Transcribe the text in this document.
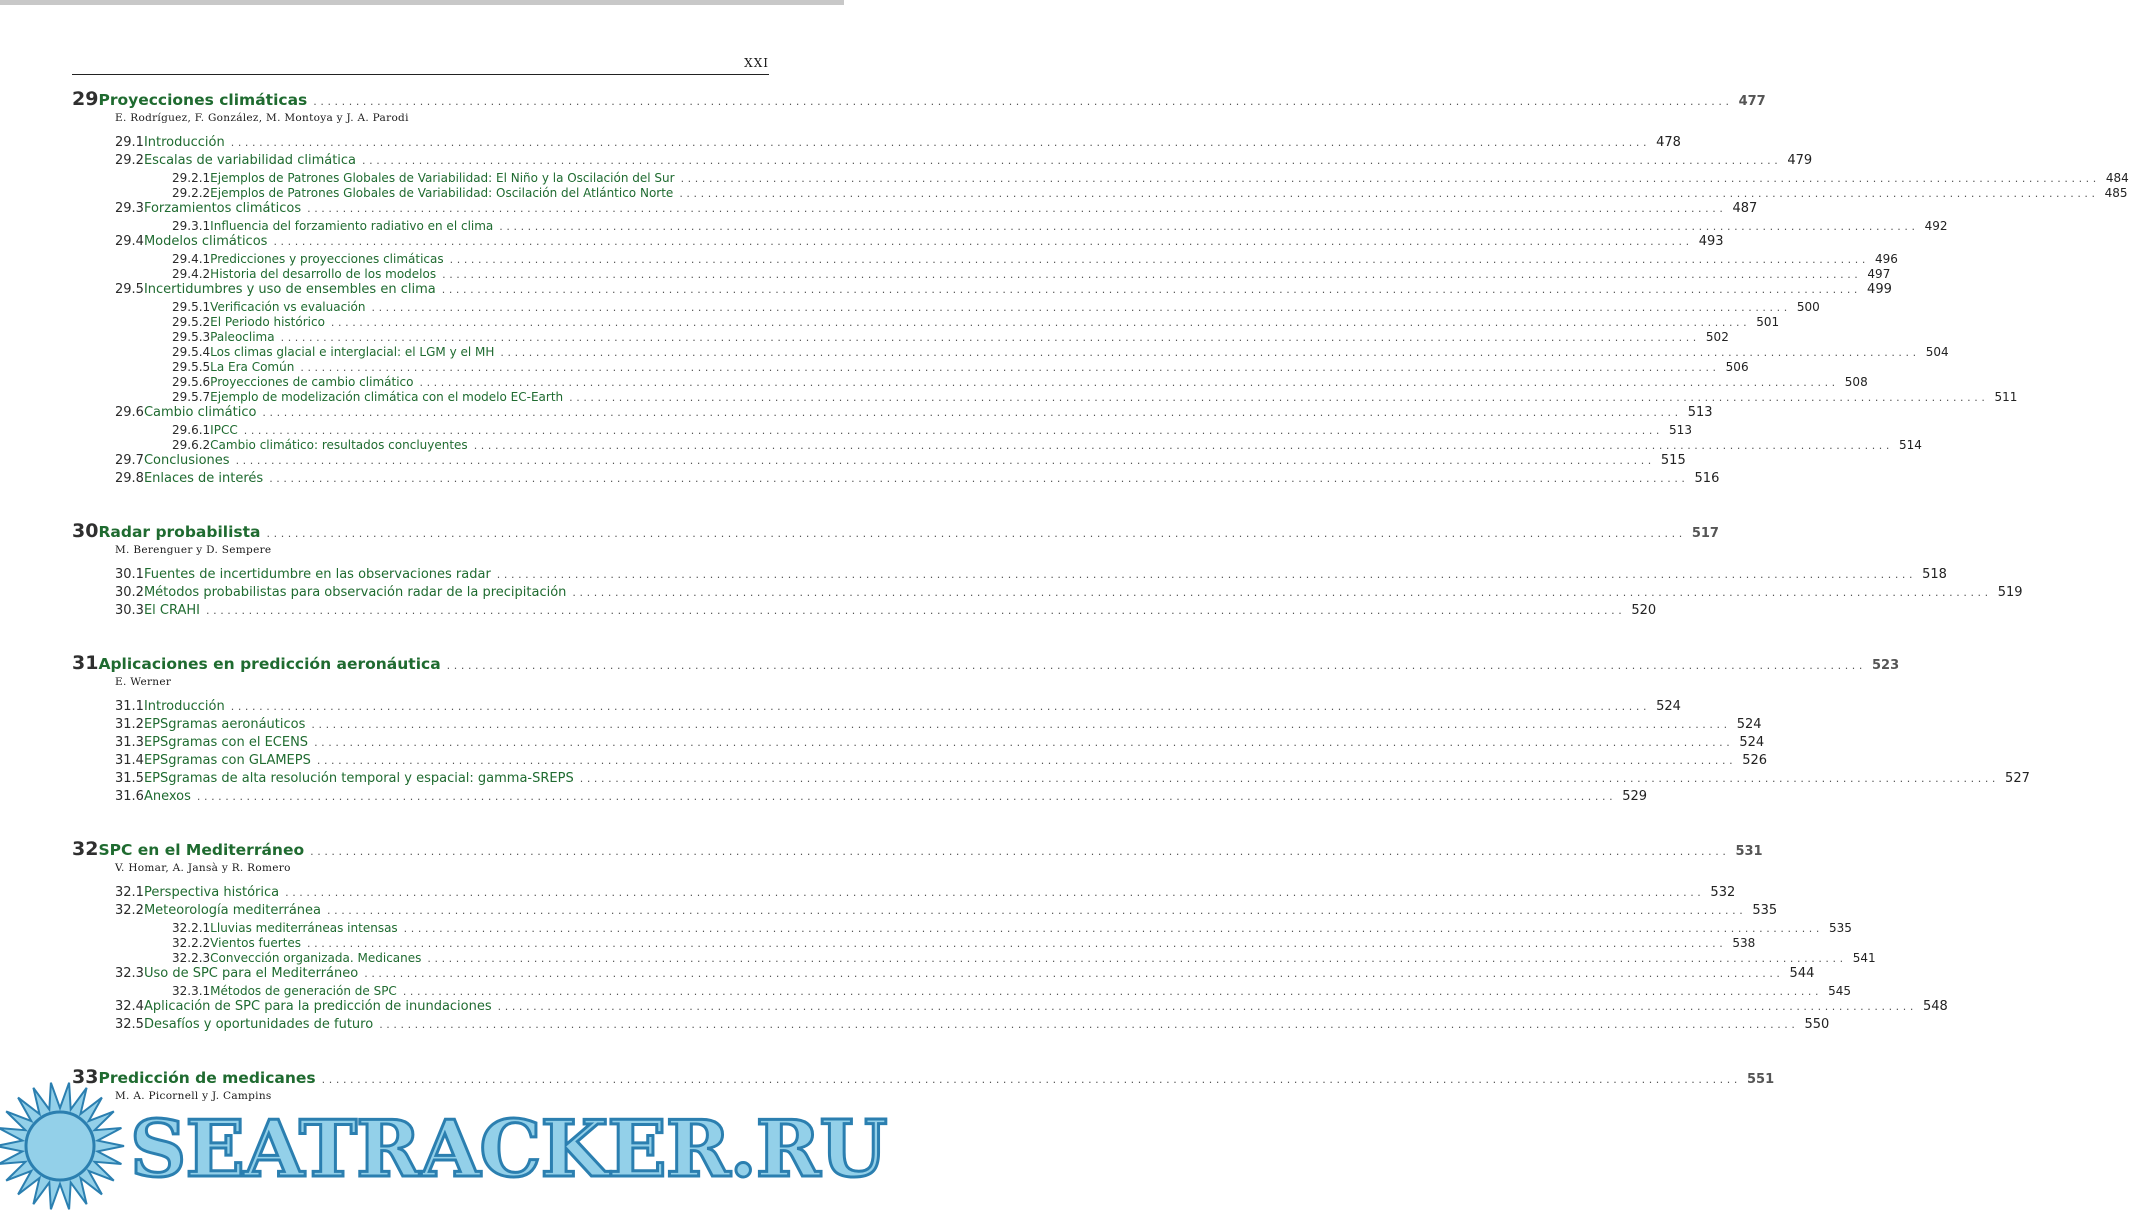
XXI
29 Proyecciones climáticas ........................................................................................................................................................................................................ 477
E. Rodríguez, F. González, M. Montoya y J. A. Parodi
29.1 Introducción ........................................................................................................................................................................................................ 478
29.2 Escalas de variabilidad climática ........................................................................................................................................................................................................ 479
29.2.1 Ejemplos de Patrones Globales de Variabilidad: El Niño y la Oscilación del Sur ........................................................................................................................................................................................................ 484
29.2.2 Ejemplos de Patrones Globales de Variabilidad: Oscilación del Atlántico Norte ........................................................................................................................................................................................................ 485
29.3 Forzamientos climáticos ........................................................................................................................................................................................................ 487
29.3.1 Influencia del forzamiento radiativo en el clima ........................................................................................................................................................................................................ 492
29.4 Modelos climáticos ........................................................................................................................................................................................................ 493
29.4.1 Predicciones y proyecciones climáticas ........................................................................................................................................................................................................ 496
29.4.2 Historia del desarrollo de los modelos ........................................................................................................................................................................................................ 497
29.5 Incertidumbres y uso de ensembles en clima ........................................................................................................................................................................................................ 499
29.5.1 Verificación vs evaluación ........................................................................................................................................................................................................ 500
29.5.2 El Periodo histórico ........................................................................................................................................................................................................ 501
29.5.3 Paleoclima ........................................................................................................................................................................................................ 502
29.5.4 Los climas glacial e interglacial: el LGM y el MH ........................................................................................................................................................................................................ 504
29.5.5 La Era Común ........................................................................................................................................................................................................ 506
29.5.6 Proyecciones de cambio climático ........................................................................................................................................................................................................ 508
29.5.7 Ejemplo de modelización climática con el modelo EC-Earth ........................................................................................................................................................................................................ 511
29.6 Cambio climático ........................................................................................................................................................................................................ 513
29.6.1 IPCC ........................................................................................................................................................................................................ 513
29.6.2 Cambio climático: resultados concluyentes ........................................................................................................................................................................................................ 514
29.7 Conclusiones ........................................................................................................................................................................................................ 515
29.8 Enlaces de interés ........................................................................................................................................................................................................ 516
30 Radar probabilista ........................................................................................................................................................................................................ 517
M. Berenguer y D. Sempere
30.1 Fuentes de incertidumbre en las observaciones radar ........................................................................................................................................................................................................ 518
30.2 Métodos probabilistas para observación radar de la precipitación ........................................................................................................................................................................................................ 519
30.3 El CRAHI ........................................................................................................................................................................................................ 520
31 Aplicaciones en predicción aeronáutica ........................................................................................................................................................................................................ 523
E. Werner
31.1 Introducción ........................................................................................................................................................................................................ 524
31.2 EPSgramas aeronáuticos ........................................................................................................................................................................................................ 524
31.3 EPSgramas con el ECENS ........................................................................................................................................................................................................ 524
31.4 EPSgramas con GLAMEPS ........................................................................................................................................................................................................ 526
31.5 EPSgramas de alta resolución temporal y espacial: gamma-SREPS ........................................................................................................................................................................................................ 527
31.6 Anexos ........................................................................................................................................................................................................ 529
32 SPC en el Mediterráneo ........................................................................................................................................................................................................ 531
V. Homar, A. Jansà y R. Romero
32.1 Perspectiva histórica ........................................................................................................................................................................................................ 532
32.2 Meteorología mediterránea ........................................................................................................................................................................................................ 535
32.2.1 Lluvias mediterráneas intensas ........................................................................................................................................................................................................ 535
32.2.2 Vientos fuertes ........................................................................................................................................................................................................ 538
32.2.3 Convección organizada. Medicanes ........................................................................................................................................................................................................ 541
32.3 Uso de SPC para el Mediterráneo ........................................................................................................................................................................................................ 544
32.3.1 Métodos de generación de SPC ........................................................................................................................................................................................................ 545
32.4 Aplicación de SPC para la predicción de inundaciones ........................................................................................................................................................................................................ 548
32.5 Desafíos y oportunidades de futuro ........................................................................................................................................................................................................ 550
33 Predicción de medicanes ........................................................................................................................................................................................................ 551
M. A. Picornell y J. Campins
SEATRACKER.RU
